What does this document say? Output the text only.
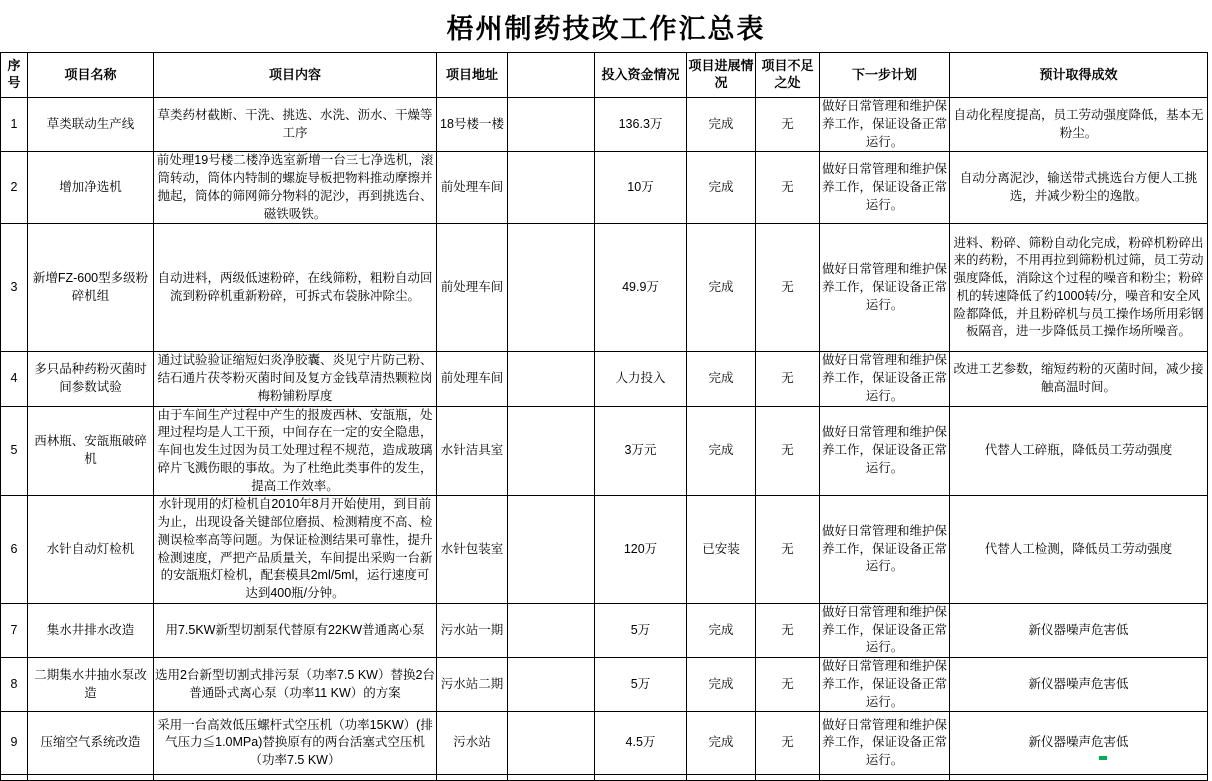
梧州制药技改工作汇总表
序号	项目名称	项目内容	项目地址		投入资金情况	项目进展情况	项目不足之处	下一步计划	预计取得成效
1	草类联动生产线	草类药材截断、干洗、挑选、水洗、沥水、干燥等工序	18号楼一楼		136.3万	完成	无	做好日常管理和维护保养工作，保证设备正常运行。	自动化程度提高，员工劳动强度降低，基本无粉尘。
2	增加净选机	前处理19号楼二楼净选室新增一台三七净选机，滚筒转动，筒体内特制的螺旋导板把物料推动摩擦并抛起，筒体的筛网筛分物料的泥沙，再到挑选台、磁铁吸铁。	前处理车间		10万	完成	无	做好日常管理和维护保养工作，保证设备正常运行。	自动分离泥沙，输送带式挑选台方便人工挑选，并减少粉尘的逸散。
3	新增FZ-600型多级粉碎机组	自动进料，两级低速粉碎，在线筛粉，粗粉自动回流到粉碎机重新粉碎，可拆式布袋脉冲除尘。	前处理车间		49.9万	完成	无	做好日常管理和维护保养工作，保证设备正常运行。	进料、粉碎、筛粉自动化完成，粉碎机粉碎出来的药粉，不用再拉到筛粉机过筛，员工劳动强度降低，消除这个过程的噪音和粉尘；粉碎机的转速降低了约1000转/分，噪音和安全风险都降低，并且粉碎机与员工操作场所用彩钢板隔音，进一步降低员工操作场所噪音。
4	多只品种药粉灭菌时间参数试验	通过试验验证缩短妇炎净胶囊、炎见宁片防己粉、结石通片茯苓粉灭菌时间及复方金钱草清热颗粒岗梅粉铺粉厚度	前处理车间		人力投入	完成	无	做好日常管理和维护保养工作，保证设备正常运行。	改进工艺参数，缩短药粉的灭菌时间，减少接触高温时间。
5	西林瓶、安瓿瓶破碎机	由于车间生产过程中产生的报废西林、安瓿瓶，处理过程均是人工干预，中间存在一定的安全隐患，车间也发生过因为员工处理过程不规范，造成玻璃碎片飞溅伤眼的事故。为了杜绝此类事件的发生，提高工作效率。	水针洁具室		3万元	完成	无	做好日常管理和维护保养工作，保证设备正常运行。	代替人工碎瓶，降低员工劳动强度
6	水针自动灯检机	水针现用的灯检机自2010年8月开始使用，到目前为止，出现设备关键部位磨损、检测精度不高、检测误检率高等问题。为保证检测结果可靠性，提升检测速度，严把产品质量关，车间提出采购一台新的安瓿瓶灯检机，配套模具2ml/5ml，运行速度可达到400瓶/分钟。	水针包装室		120万	已安装	无	做好日常管理和维护保养工作，保证设备正常运行。	代替人工检测，降低员工劳动强度
7	集水井排水改造	用7.5KW新型切割泵代替原有22KW普通离心泵	污水站一期		5万	完成	无	做好日常管理和维护保养工作，保证设备正常运行。	新仪器噪声危害低
8	二期集水井抽水泵改造	选用2台新型切割式排污泵（功率7.5 KW）替换2台普通卧式离心泵（功率11 KW）的方案	污水站二期		5万	完成	无	做好日常管理和维护保养工作，保证设备正常运行。	新仪器噪声危害低
9	压缩空气系统改造	采用一台高效低压螺杆式空压机（功率15KW）(排气压力≦1.0MPa)替换原有的两台活塞式空压机（功率7.5 KW）	污水站		4.5万	完成	无	做好日常管理和维护保养工作，保证设备正常运行。	新仪器噪声危害低
